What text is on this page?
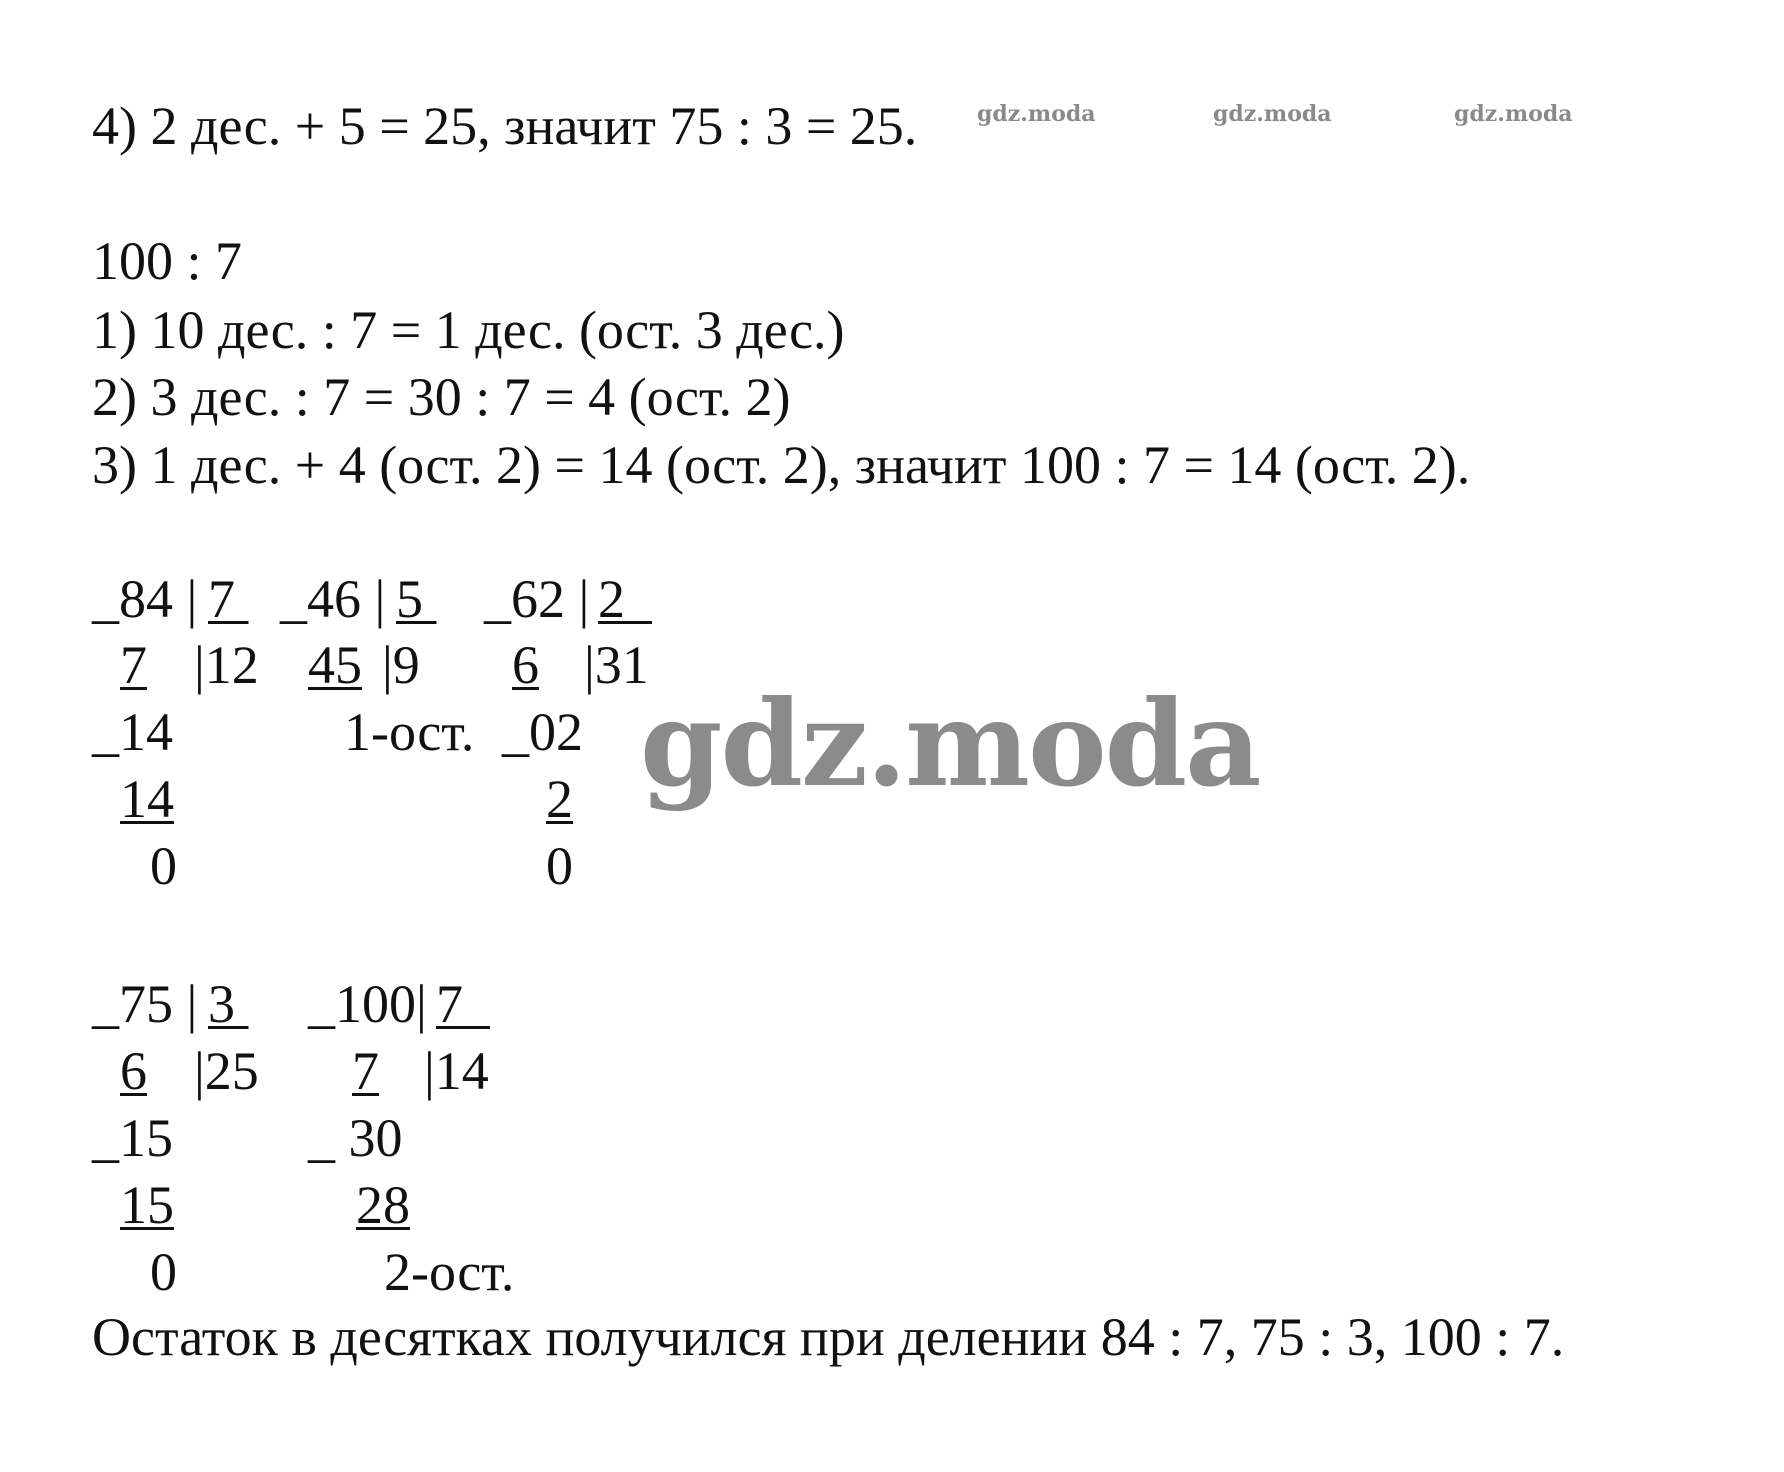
gdz.moda	gdz.moda	gdz.moda
4) 2 дес. + 5 = 25, значит 75 : 3 = 25.
100 : 7
1) 10 дес. : 7 = 1 дес. (ост. 3 дес.)
2) 3 дес. : 7 = 30 : 7 = 4 (ост. 2)
3) 1 дес. + 4 (ост. 2) = 14 (ост. 2), значит 100 : 7 = 14 (ост. 2).
_84 | 7
7 |12
_14
14
0
_46 | 5
45 |9
1-ост.
_62 | 2
6 |31
_02
2
0
_75 | 3
6 |25
_15
15
0
_100| 7
7 |14
_ 30
28
2-ост.
Остаток в десятках получился при делении 84 : 7, 75 : 3, 100 : 7.
gdz.moda
